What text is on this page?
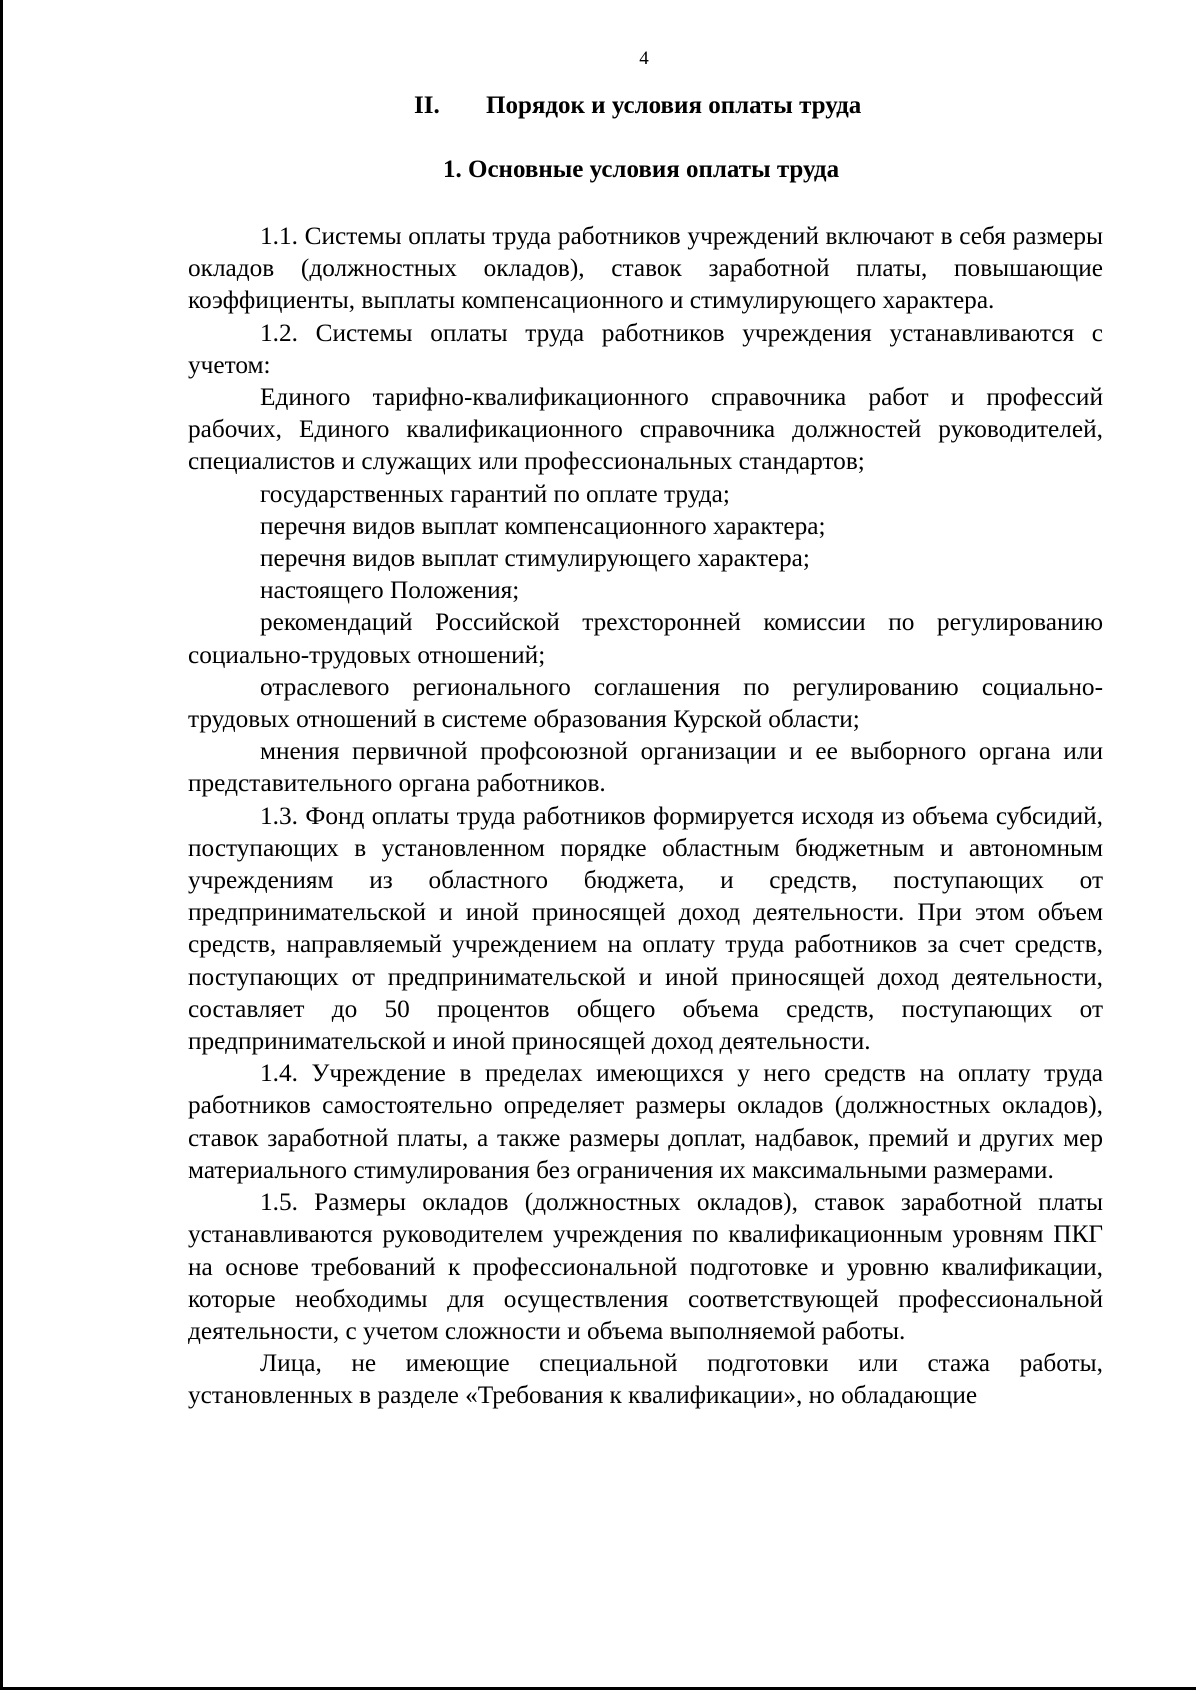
4
II. Порядок и условия оплаты труда
1. Основные условия оплаты труда

1.1. Системы оплаты труда работников учреждений включают в себя размеры окладов (должностных окладов), ставок заработной платы, повышающие коэффициенты, выплаты компенсационного и стимулирующего характера.

1.2. Системы оплаты труда работников учреждения устанавливаются с учетом:

Единого тарифно-квалификационного справочника работ и профессий рабочих, Единого квалификационного справочника должностей руководителей, специалистов и служащих или профессиональных стандартов;

государственных гарантий по оплате труда;

перечня видов выплат компенсационного характера;

перечня видов выплат стимулирующего характера;

настоящего Положения;

рекомендаций Российской трехсторонней комиссии по регулированию социально-трудовых отношений;

отраслевого регионального соглашения по регулированию социально-трудовых отношений в системе образования Курской области;

мнения первичной профсоюзной организации и ее выборного органа или представительного органа работников.

1.3. Фонд оплаты труда работников формируется исходя из объема субсидий, поступающих в установленном порядке областным бюджетным и автономным учреждениям из областного бюджета, и средств, поступающих от предпринимательской и иной приносящей доход деятельности. При этом объем средств, направляемый учреждением на оплату труда работников за счет средств, поступающих от предпринимательской и иной приносящей доход деятельности, составляет до 50 процентов общего объема средств, поступающих от предпринимательской и иной приносящей доход деятельности.

1.4. Учреждение в пределах имеющихся у него средств на оплату труда работников самостоятельно определяет размеры окладов (должностных окладов), ставок заработной платы, а также размеры доплат, надбавок, премий и других мер материального стимулирования без ограничения их максимальными размерами.

1.5. Размеры окладов (должностных окладов), ставок заработной платы устанавливаются руководителем учреждения по квалификационным уровням ПКГ на основе требований к профессиональной подготовке и уровню квалификации, которые необходимы для осуществления соответствующей профессиональной деятельности, с учетом сложности и объема выполняемой работы.

Лица, не имеющие специальной подготовки или стажа работы, установленных в разделе «Требования к квалификации», но обладающие
